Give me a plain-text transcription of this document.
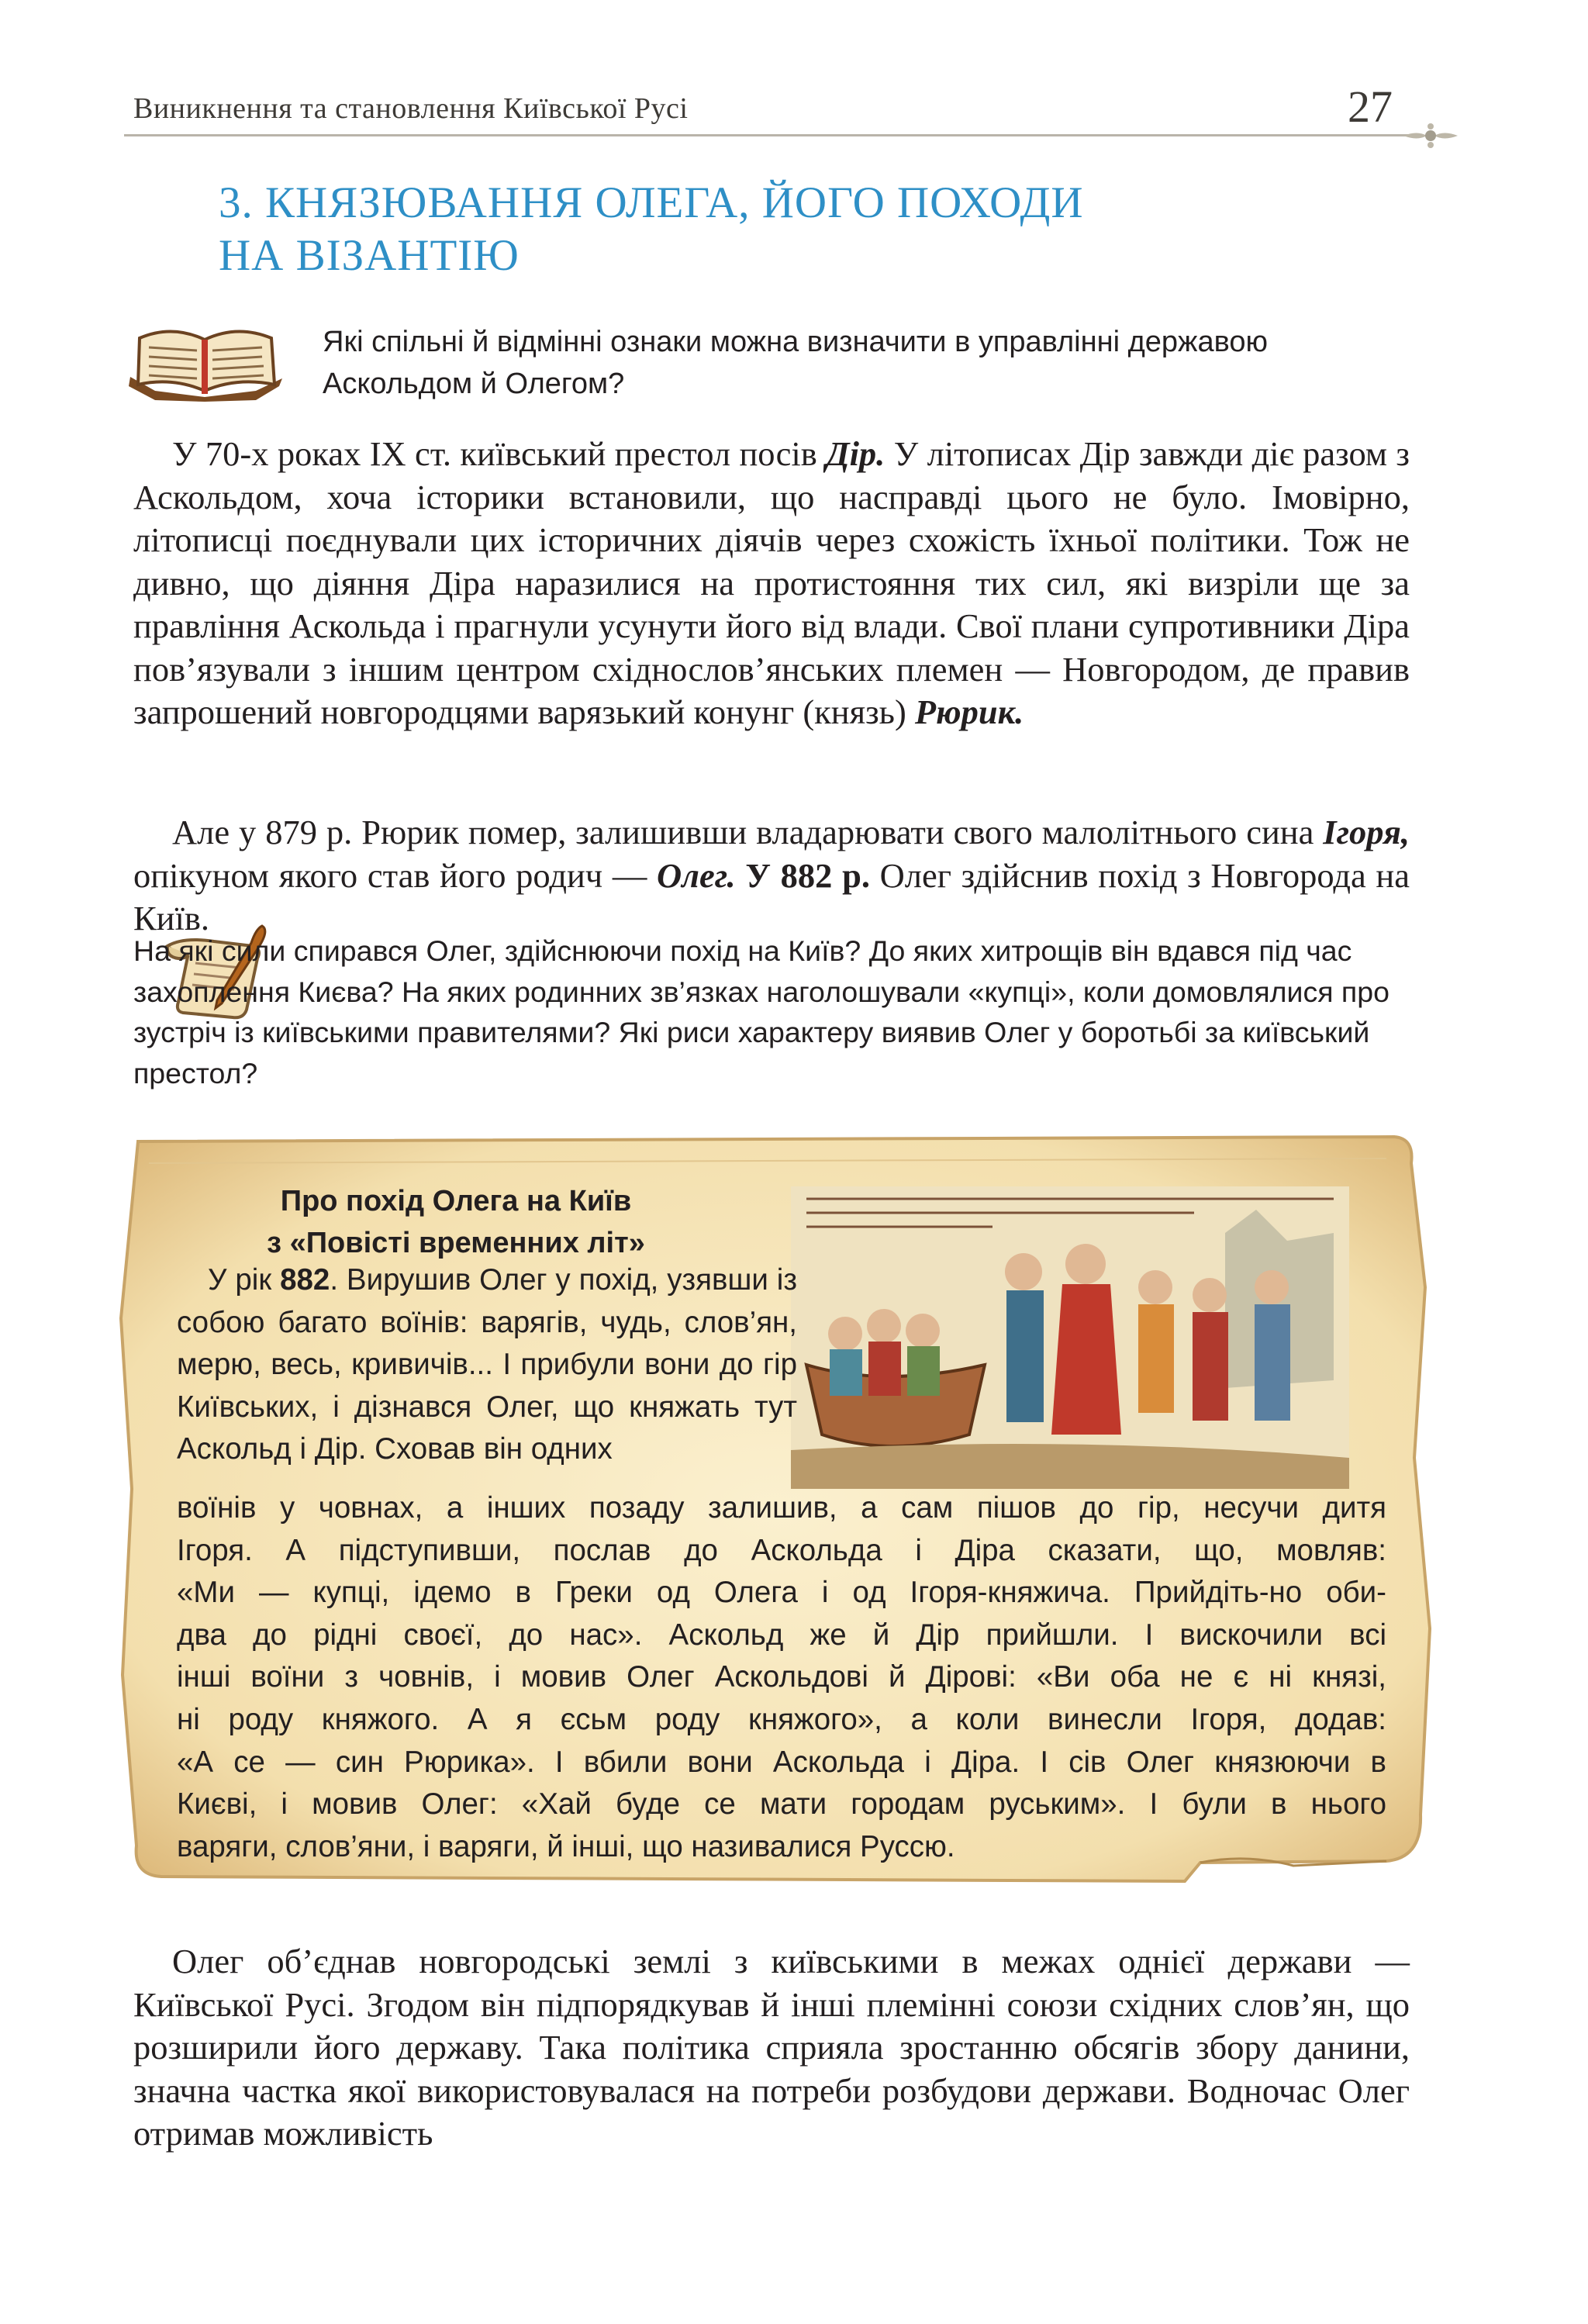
Виникнення та становлення Київської Русі	27
3. КНЯЗЮВАННЯ ОЛЕГА, ЙОГО ПОХОДИ
НА ВІЗАНТІЮ

Які спільні й відмінні ознаки можна визначити в управлінні державою Аскольдом й Олегом?

У 70-х роках IX ст. київський престол посів Дір. У літописах Дір завжди діє разом з Аскольдом, хоча історики встановили, що насправді цього не було. Імовірно, літописці поєднували цих історичних діячів через схожість їхньої політики. Тож не дивно, що діяння Діра наразилися на протистояння тих сил, які визріли ще за правління Аскольда і прагнули усунути його від влади. Свої плани супротивники Діра пов’язували з іншим центром східнослов’янських племен — Новгородом, де правив запрошений новгородцями варязький конунг (князь) Рюрик.

Але у 879 р. Рюрик помер, залишивши владарювати свого малолітнього сина Ігоря, опікуном якого став його родич — Олег. У 882 р. Олег здійснив похід з Новгорода на Київ.

На які сили спирався Олег, здійснюючи похід на Київ? До яких хитрощів він вдався під час захоплення Києва? На яких родинних зв’язках наголошували «купці», коли домовлялися про зустріч із київськими правителями? Які риси характеру виявив Олег у боротьбі за київський престол?

Про похід Олега на Київ
з «Повісті временних літ»

У рік 882. Вирушив Олег у похід, узявши із собою багато воїнів: варягів, чудь, слов’ян, мерю, весь, кривичів... І прибули вони до гір Київських, і дізнався Олег, що княжать тут Аскольд і Дір. Сховав він одних

воїнів у човнах, а інших позаду залишив, а сам пішов до гір, несучи дитя
Ігоря. А підступивши, послав до Аскольда і Діра сказати, що, мовляв:
«Ми — купці, ідемо в Греки од Олега і од Ігоря-княжича. Прийдіть-но оби-
два до рідні своєї, до нас». Аскольд же й Дір прийшли. І вискочили всі
інші воїни з човнів, і мовив Олег Аскольдові й Дірові: «Ви оба не є ні князі,
ні роду княжого. А я єсьм роду княжого», а коли винесли Ігоря, додав:
«А се — син Рюрика». І вбили вони Аскольда і Діра. І сів Олег князюючи в
Києві, і мовив Олег: «Хай буде се мати городам руським». І були в нього
варяги, слов’яни, і варяги, й інші, що називалися Руссю.

Олег об’єднав новгородські землі з київськими в межах однієї держави — Київської Русі. Згодом він підпорядкував й інші племінні союзи східних слов’ян, що розширили його державу. Така політика сприяла зростанню обсягів збору данини, значна частка якої використовувалася на потреби розбудови держави. Водночас Олег отримав можливість
